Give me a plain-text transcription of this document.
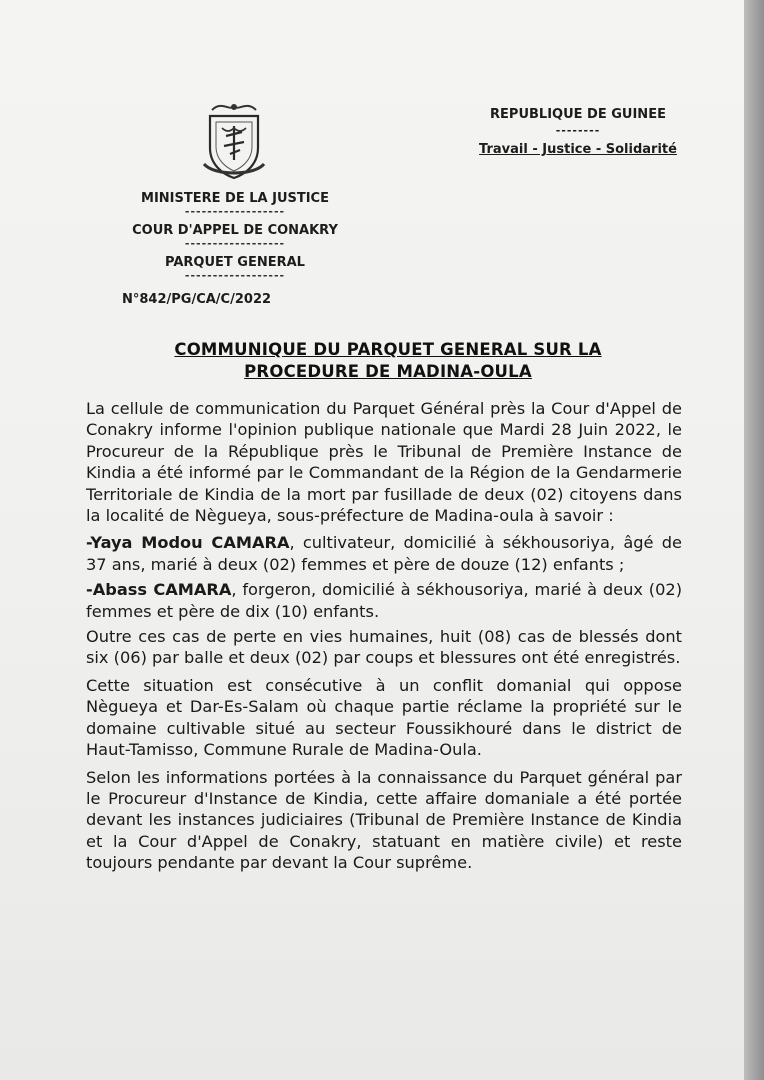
MINISTERE DE LA JUSTICE
------------------
COUR D'APPEL DE CONAKRY
------------------
PARQUET GENERAL
------------------
N°842/PG/CA/C/2022
REPUBLIQUE DE GUINEE
--------
Travail - Justice - Solidarité
COMMUNIQUE DU PARQUET GENERAL SUR LA
PROCEDURE DE MADINA-OULA

La cellule de communication du Parquet Général près la Cour d'Appel de Conakry informe l'opinion publique nationale que Mardi 28 Juin 2022, le Procureur de la République près le Tribunal de Première Instance de Kindia a été informé par le Commandant de la Région de la Gendarmerie Territoriale de Kindia de la mort par fusillade de deux (02) citoyens dans la localité de Nègueya, sous-préfecture de Madina-oula à savoir :

-Yaya Modou CAMARA, cultivateur, domicilié à sékhousoriya, âgé de 37 ans, marié à deux (02) femmes et père de douze (12) enfants ;

-Abass CAMARA, forgeron, domicilié à sékhousoriya, marié à deux (02) femmes et père de dix (10) enfants.

Outre ces cas de perte en vies humaines, huit (08) cas de blessés dont six (06) par balle et deux (02) par coups et blessures ont été enregistrés.

Cette situation est consécutive à un conflit domanial qui oppose Nègueya et Dar-Es-Salam où chaque partie réclame la propriété sur le domaine cultivable situé au secteur Foussikhouré dans le district de Haut-Tamisso, Commune Rurale de Madina-Oula.

Selon les informations portées à la connaissance du Parquet général par le Procureur d'Instance de Kindia, cette affaire domaniale a été portée devant les instances judiciaires (Tribunal de Première Instance de Kindia et la Cour d'Appel de Conakry, statuant en matière civile) et reste toujours pendante par devant la Cour suprême.
